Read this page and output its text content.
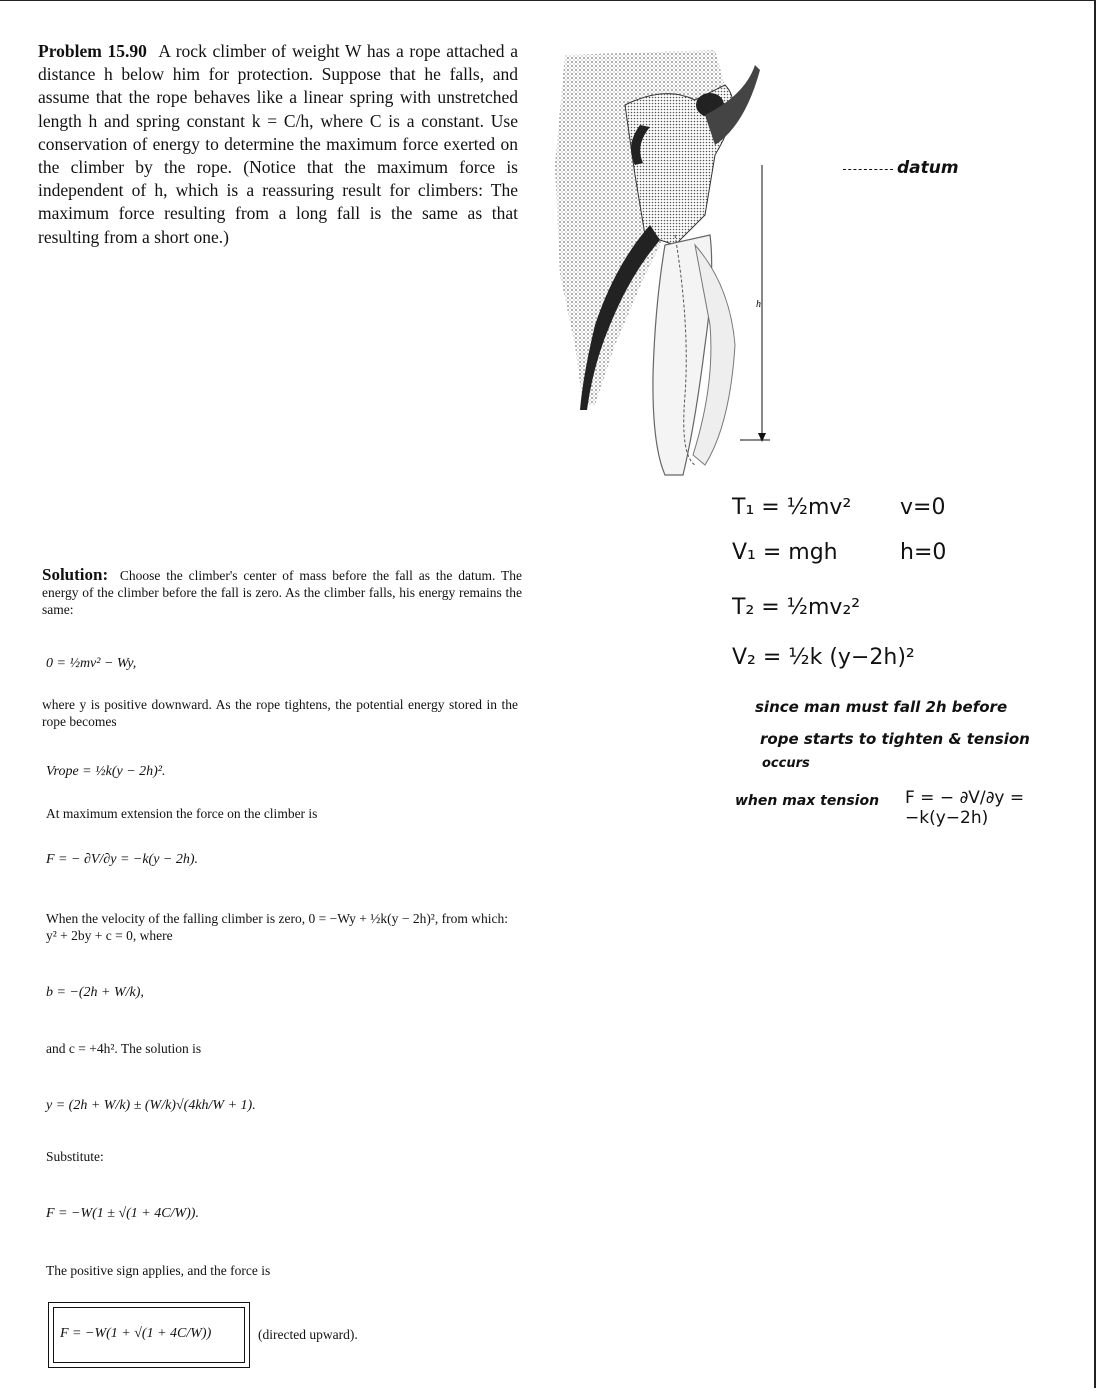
Problem 15.90 A rock climber of weight W has a rope attached a distance h below him for protection. Suppose that he falls, and assume that the rope behaves like a linear spring with unstretched length h and spring constant k = C/h, where C is a constant. Use conservation of energy to determine the maximum force exerted on the climber by the rope. (Notice that the maximum force is independent of h, which is a reassuring result for climbers: The maximum force resulting from a long fall is the same as that resulting from a short one.)
h
datum
T₁ = ½mv² v=0
V₁ = mgh	h=0
T₂ = ½mv₂²
V₂ = ½k (y−2h)²
since man must fall 2h before
rope starts to tighten & tension
occurs
when max tension F = − ∂V/∂y = −k(y−2h)
Solution: Choose the climber's center of mass before the fall as the datum. The energy of the climber before the fall is zero. As the climber falls, his energy remains the same:
0 = ½mv² − Wy,
where y is positive downward. As the rope tightens, the potential energy stored in the rope becomes
Vrope = ½k(y − 2h)².
At maximum extension the force on the climber is
F = − ∂V/∂y = −k(y − 2h).
When the velocity of the falling climber is zero, 0 = −Wy + ½k(y − 2h)², from which: y² + 2by + c = 0, where
b = −(2h + W/k),
and c = +4h². The solution is
y = (2h + W/k) ± (W/k)√(4kh/W + 1).
Substitute:
F = −W(1 ± √(1 + 4C/W)).
The positive sign applies, and the force is
F = −W(1 + √(1 + 4C/W))	(directed upward).
